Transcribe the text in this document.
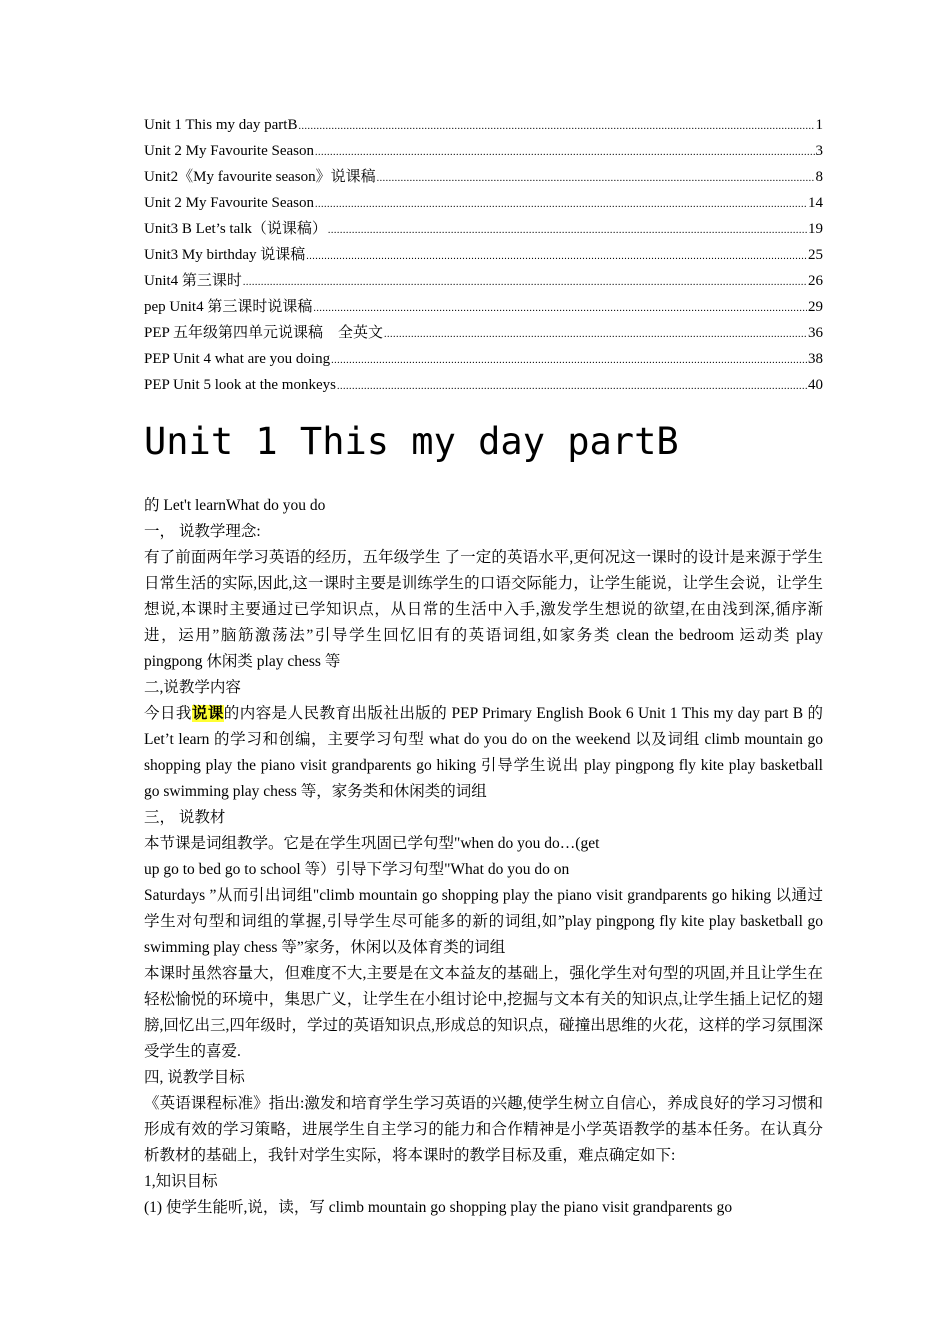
Unit 1 This my day partB .....	1
Unit 2 My Favourite Season .....	3
Unit2《My favourite season》说课稿 .....	8
Unit 2 My Favourite Season .....	14
Unit3 B Let’s talk（说课稿） .....	19
Unit3 My birthday 说课稿 .....	25
Unit4 第三课时 .....	26
pep Unit4 第三课时说课稿 .....	29
PEP 五年级第四单元说课稿　全英文 .....	36
PEP Unit 4 what are you doing .....	38
PEP Unit 5 look at the monkeys .....	40
Unit 1 This my day partB

的 Let't learnWhat do you do

一， 说教学理念:

有了前面两年学习英语的经历，五年级学生 了一定的英语水平,更何况这一课时的设计是来源于学生日常生活的实际,因此,这一课时主要是训练学生的口语交际能力，让学生能说，让学生会说，让学生想说,本课时主要通过已学知识点，从日常的生活中入手,激发学生想说的欲望,在由浅到深,循序渐进，运用”脑筋激荡法”引导学生回忆旧有的英语词组,如家务类 clean the bedroom 运动类 play pingpong 休闲类 play chess 等

二,说教学内容

今日我说课的内容是人民教育出版社出版的 PEP Primary English Book 6 Unit 1 This my day part B 的 Let’t learn 的学习和创编，主要学习句型 what do you do on the weekend 以及词组 climb mountain go shopping play the piano visit grandparents go hiking 引导学生说出 play pingpong fly kite play basketball go swimming play chess 等，家务类和休闲类的词组

三， 说教材

本节课是词组教学。它是在学生巩固已学句型"when do you do…(get

up go to bed go to school 等）引导下学习句型"What do you do on

Saturdays ”从而引出词组"climb mountain go shopping play the piano visit grandparents go hiking 以通过学生对句型和词组的掌握,引导学生尽可能多的新的词组,如”play pingpong fly kite play basketball go swimming play chess 等”家务，休闲以及体育类的词组

本课时虽然容量大，但难度不大,主要是在文本益友的基础上，强化学生对句型的巩固,并且让学生在轻松愉悦的环境中，集思广义，让学生在小组讨论中,挖掘与文本有关的知识点,让学生插上记忆的翅膀,回忆出三,四年级时，学过的英语知识点,形成总的知识点，碰撞出思维的火花，这样的学习氛围深受学生的喜爱.

四, 说教学目标

《英语课程标准》指出:激发和培育学生学习英语的兴趣,使学生树立自信心，养成良好的学习习惯和形成有效的学习策略，进展学生自主学习的能力和合作精神是小学英语教学的基本任务。在认真分析教材的基础上，我针对学生实际，将本课时的教学目标及重，难点确定如下:

1,知识目标

(1) 使学生能听,说，读，写 climb mountain go shopping play the piano visit grandparents go
